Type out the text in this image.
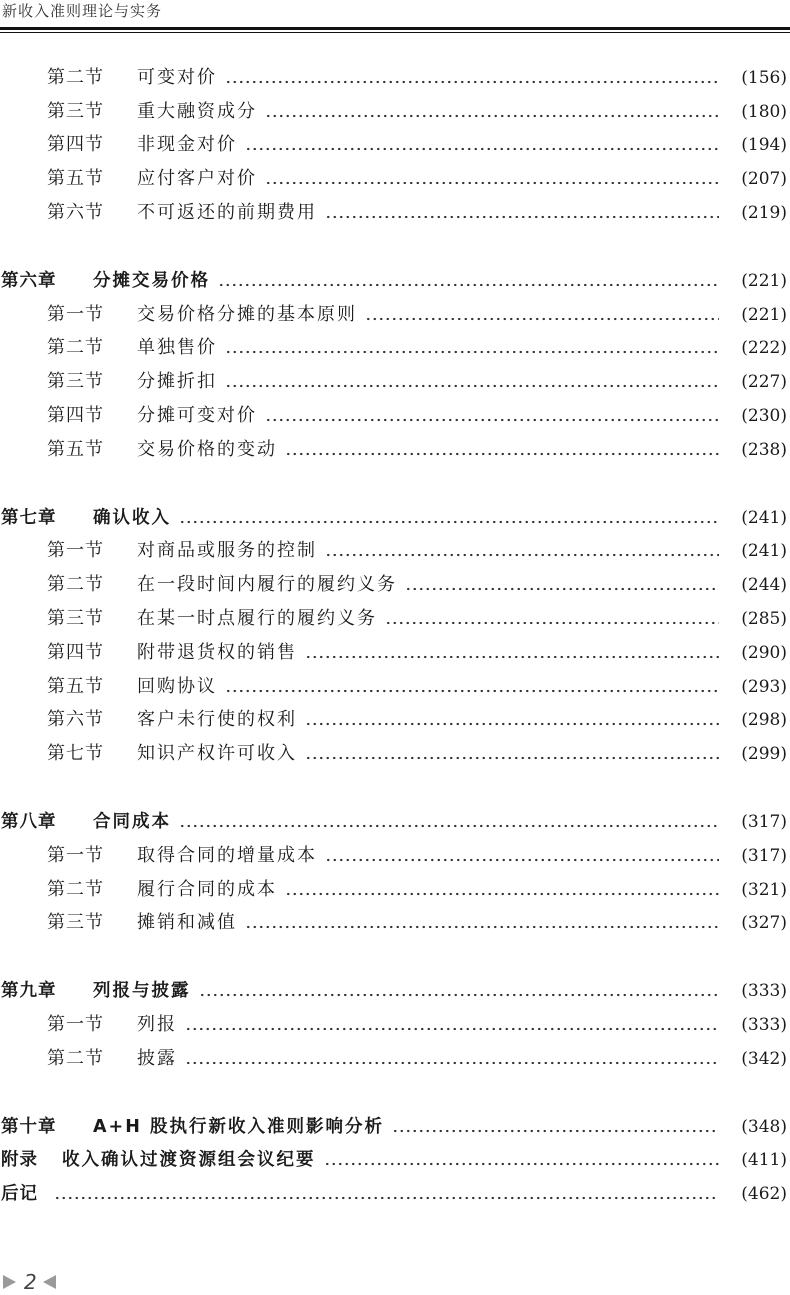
新收入准则理论与实务
第二节	可变对价	(156)
第三节	重大融资成分	(180)
第四节	非现金对价	(194)
第五节	应付客户对价	(207)
第六节	不可返还的前期费用	(219)
第六章	分摊交易价格	(221)
第一节	交易价格分摊的基本原则	(221)
第二节	单独售价	(222)
第三节	分摊折扣	(227)
第四节	分摊可变对价	(230)
第五节	交易价格的变动	(238)
第七章	确认收入	(241)
第一节	对商品或服务的控制	(241)
第二节	在一段时间内履行的履约义务	(244)
第三节	在某一时点履行的履约义务	(285)
第四节	附带退货权的销售	(290)
第五节	回购协议	(293)
第六节	客户未行使的权利	(298)
第七节	知识产权许可收入	(299)
第八章	合同成本	(317)
第一节	取得合同的增量成本	(317)
第二节	履行合同的成本	(321)
第三节	摊销和减值	(327)
第九章	列报与披露	(333)
第一节	列报	(333)
第二节	披露	(342)
第十章	A+H 股执行新收入准则影响分析	(348)
附录 收入确认过渡资源组会议纪要	(411)
后记	(462)
2
